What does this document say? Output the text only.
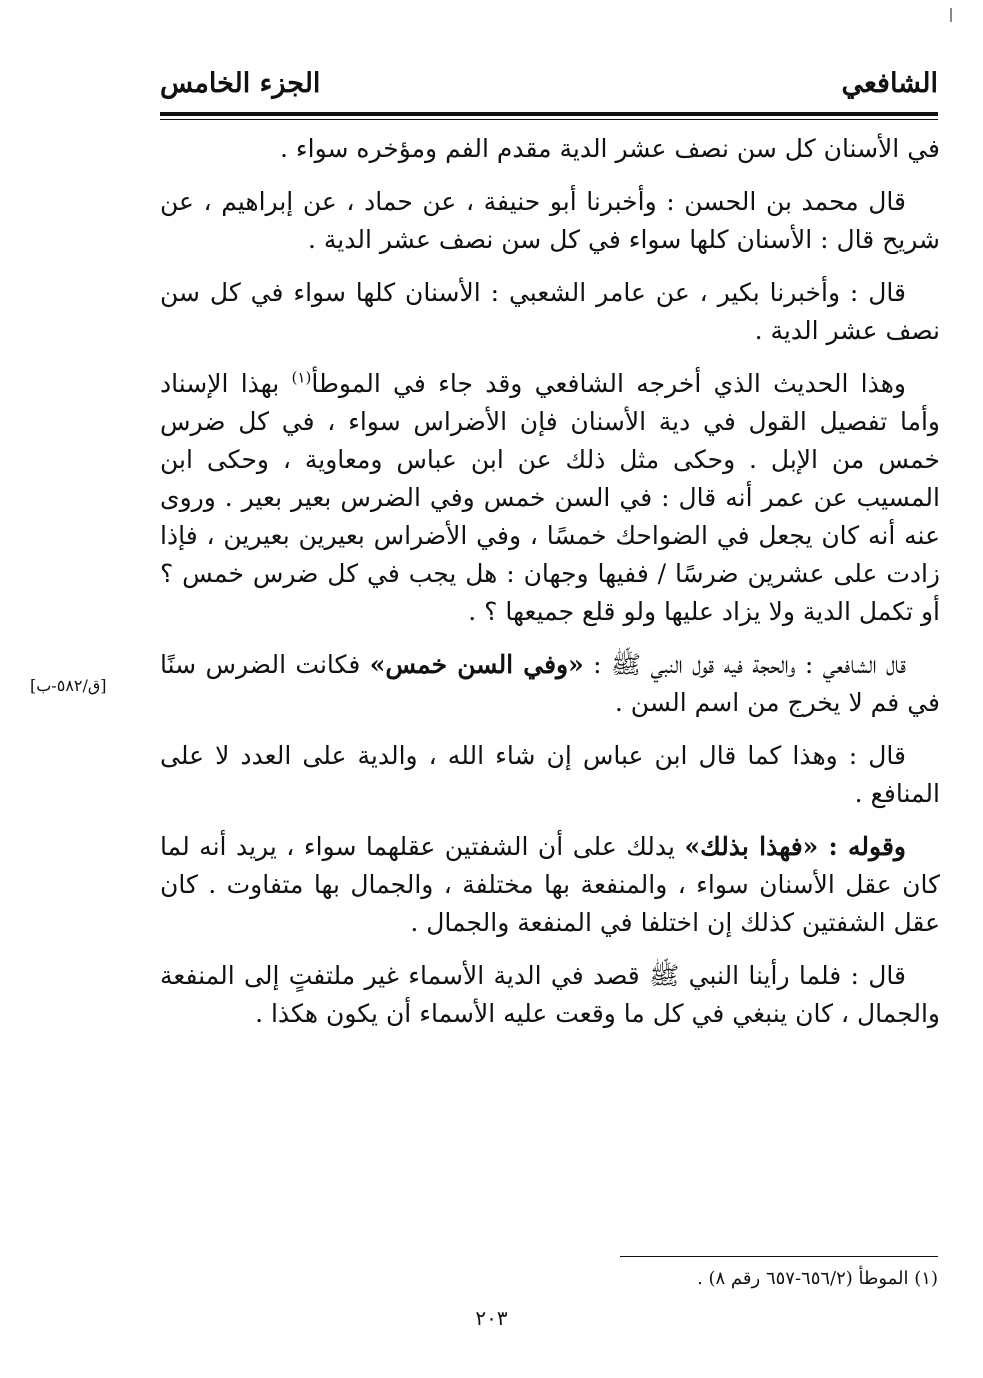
الشافعي
الجزء الخامس

في الأسنان كل سن نصف عشر الدية مقدم الفم ومؤخره سواء .

قال محمد بن الحسن : وأخبرنا أبو حنيفة ، عن حماد ، عن إبراهيم ، عن شريح قال : الأسنان كلها سواء في كل سن نصف عشر الدية .

قال : وأخبرنا بكير ، عن عامر الشعبي : الأسنان كلها سواء في كل سن نصف عشر الدية .

وهذا الحديث الذي أخرجه الشافعي وقد جاء في الموطأ$^{(١)}$ بهذا الإسناد وأما تفصيل القول في دية الأسنان فإن الأضراس سواء ، في كل ضرس خمس من الإبل . وحكى مثل ذلك عن ابن عباس ومعاوية ، وحكى ابن المسيب عن عمر أنه قال : في السن خمس وفي الضرس بعير بعير . وروى عنه أنه كان يجعل في الضواحك خمسًا ، وفي الأضراس بعيرين بعيرين ، فإذا زادت على عشرين ضرسًا / ففيها وجهان : هل يجب في كل ضرس خمس ؟ أو تكمل الدية ولا يزاد عليها ولو قلع جميعها ؟ .

قال الشافعي : والحجة فيه قول النبي ﷺ : «وفي السن خمس» فكانت الضرس سنًا في فم لا يخرج من اسم السن .

قال : وهذا كما قال ابن عباس إن شاء الله ، والدية على العدد لا على المنافع .

وقوله : «فهذا بذلك» يدلك على أن الشفتين عقلهما سواء ، يريد أنه لما كان عقل الأسنان سواء ، والمنفعة بها مختلفة ، والجمال بها متفاوت . كان عقل الشفتين كذلك إن اختلفا في المنفعة والجمال .

قال : فلما رأينا النبي ﷺ قصد في الدية الأسماء غير ملتفتٍ إلى المنفعة والجمال ، كان ينبغي في كل ما وقعت عليه الأسماء أن يكون هكذا .

[ق/٥٨٢-ب]
(١) الموطأ (٦٥٦/٢-٦٥٧ رقم ٨) .
٢٠٣
